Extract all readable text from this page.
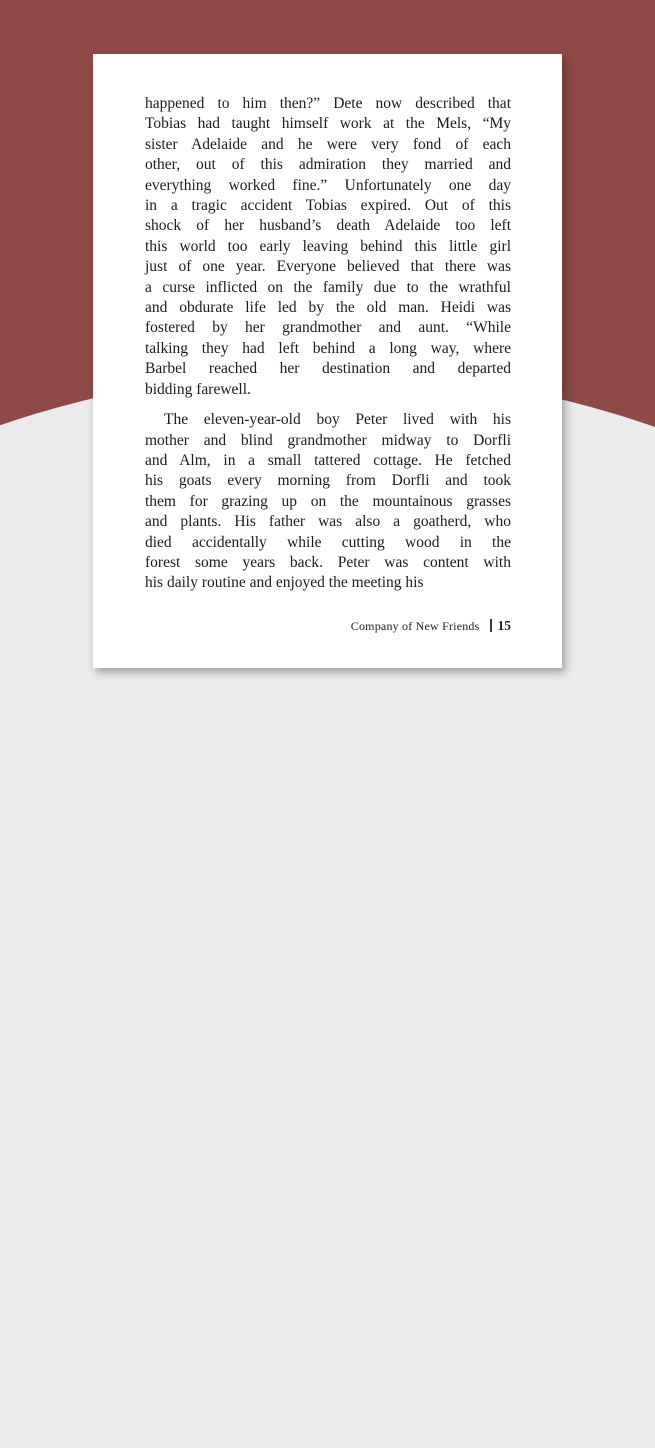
happened to him then?” Dete now described that
Tobias had taught himself work at the Mels, “My
sister Adelaide and he were very fond of each
other, out of this admiration they married and
everything worked fine.” Unfortunately one day
in a tragic accident Tobias expired. Out of this
shock of her husband’s death Adelaide too left
this world too early leaving behind this little girl
just of one year. Everyone believed that there was
a curse inflicted on the family due to the wrathful
and obdurate life led by the old man. Heidi was
fostered by her grandmother and aunt. “While
talking they had left behind a long way, where
Barbel reached her destination and departed
bidding farewell.
The eleven-year-old boy Peter lived with his
mother and blind grandmother midway to Dorfli
and Alm, in a small tattered cottage. He fetched
his goats every morning from Dorfli and took
them for grazing up on the mountainous grasses
and plants. His father was also a goatherd, who
died accidentally while cutting wood in the
forest some years back. Peter was content with
his daily routine and enjoyed the meeting his
Company of New Friends 15
